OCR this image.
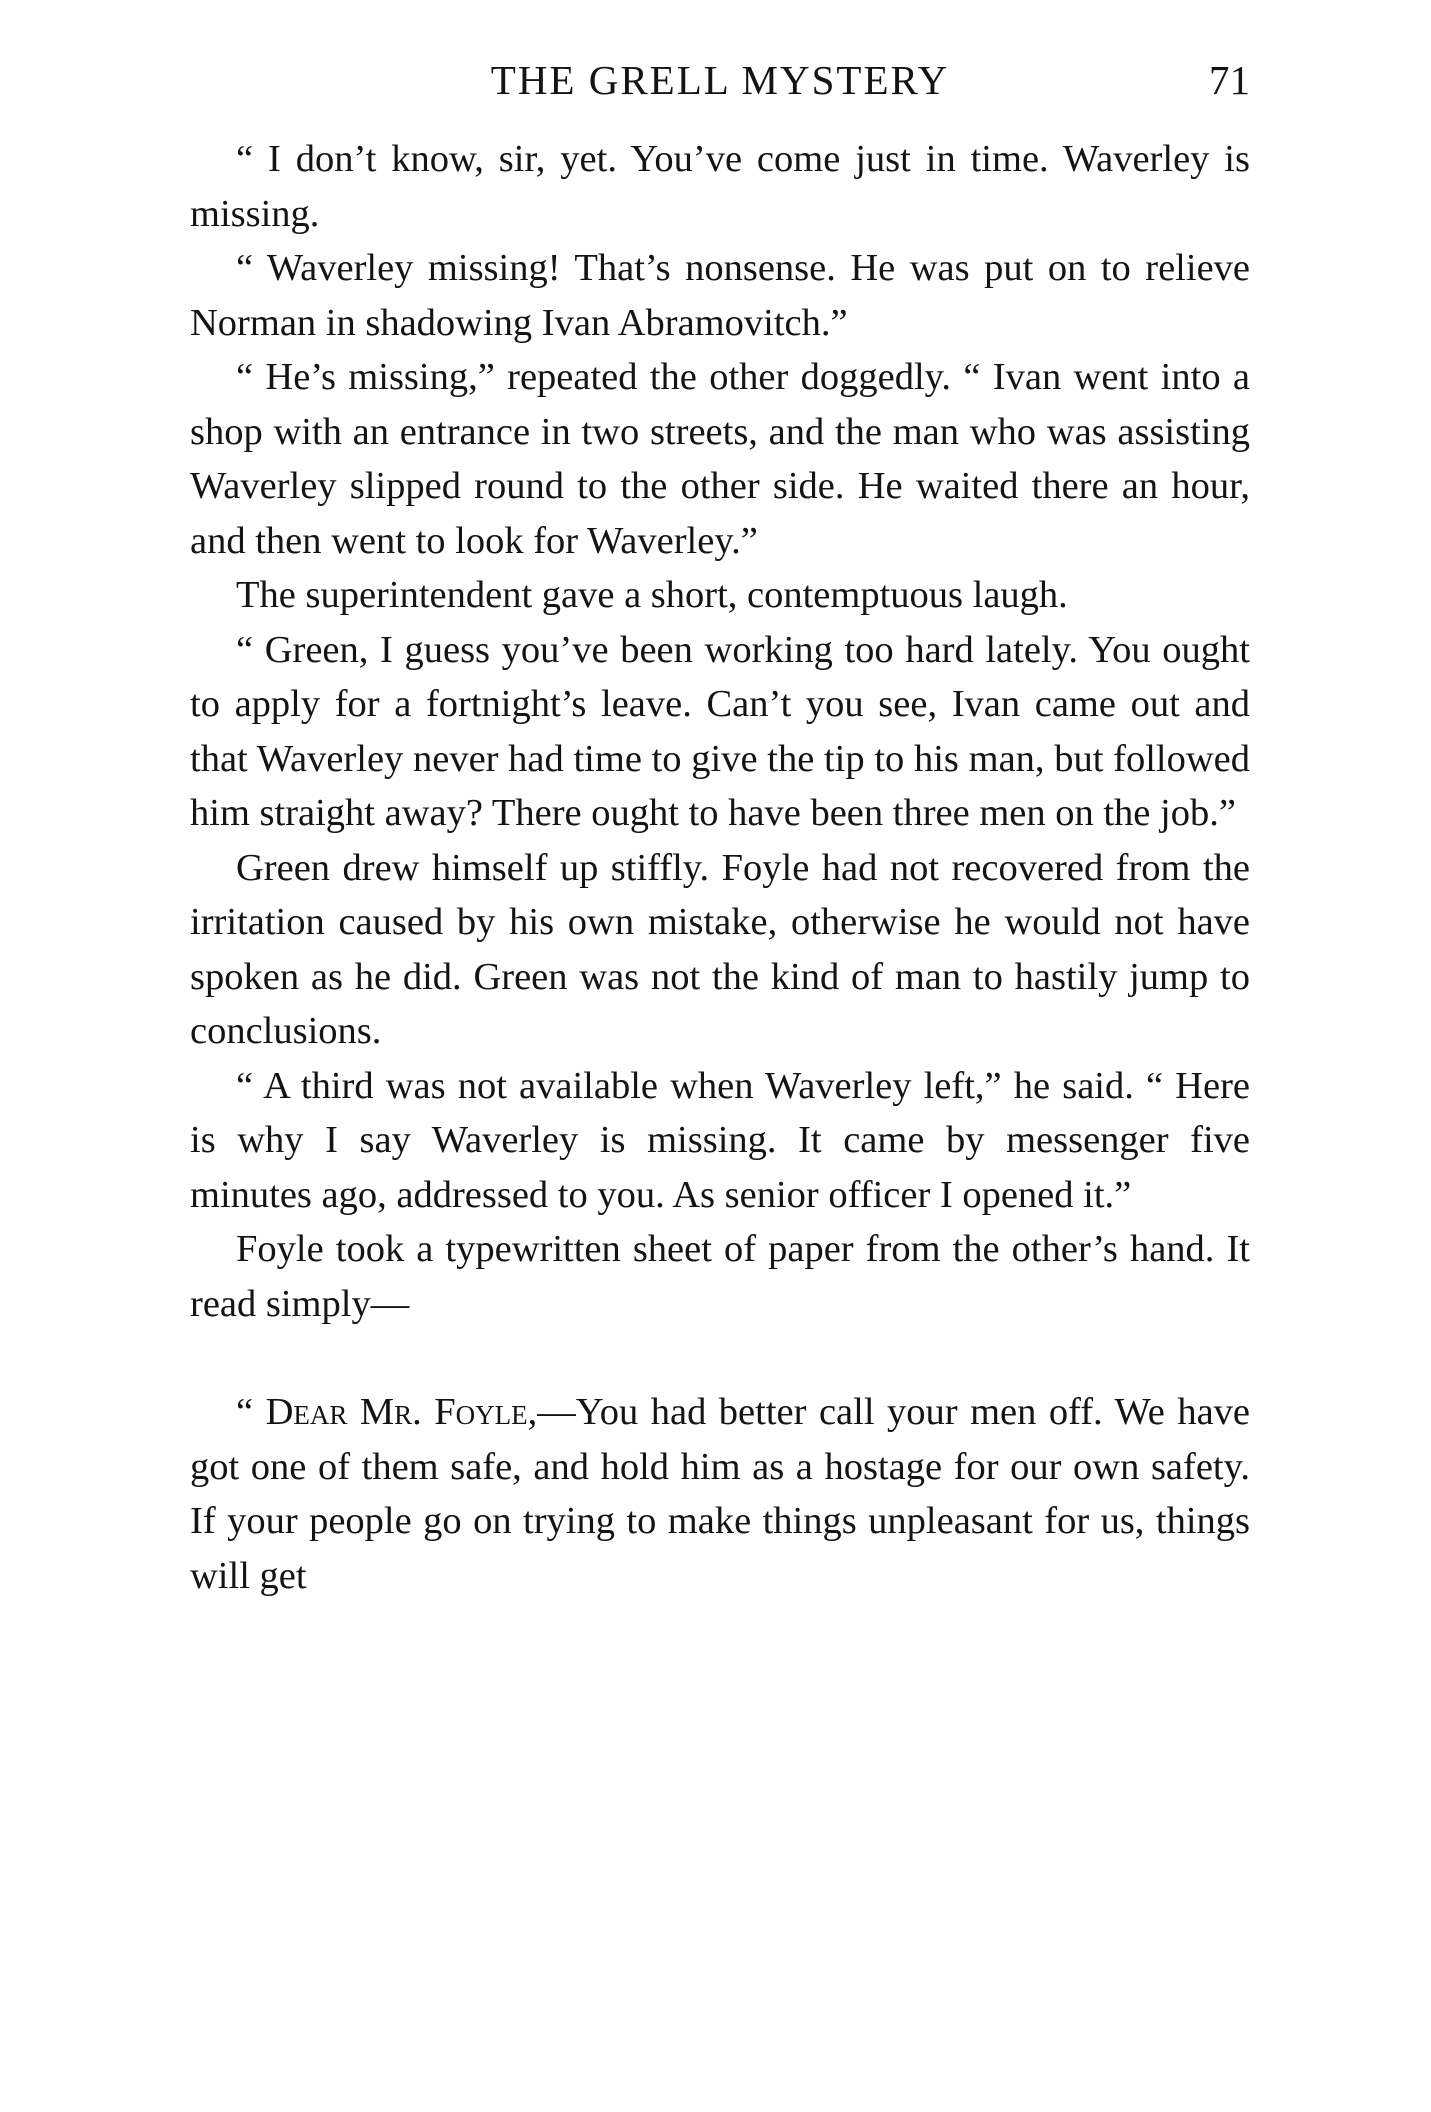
THE GRELL MYSTERY	71

“ I don’t know, sir, yet. You’ve come just in time. Waverley is missing.

“ Waverley missing! That’s nonsense. He was put on to relieve Norman in shadowing Ivan Abramovitch.”

“ He’s missing,” repeated the other doggedly. “ Ivan went into a shop with an entrance in two streets, and the man who was assisting Waverley slipped round to the other side. He waited there an hour, and then went to look for Waverley.”

The superintendent gave a short, contemptuous laugh.

“ Green, I guess you’ve been working too hard lately. You ought to apply for a fortnight’s leave. Can’t you see, Ivan came out and that Waverley never had time to give the tip to his man, but followed him straight away? There ought to have been three men on the job.”

Green drew himself up stiffly. Foyle had not recovered from the irritation caused by his own mistake, otherwise he would not have spoken as he did. Green was not the kind of man to hastily jump to conclusions.

“ A third was not available when Waverley left,” he said. “ Here is why I say Waverley is missing. It came by messenger five minutes ago, addressed to you. As senior officer I opened it.”

Foyle took a typewritten sheet of paper from the other’s hand. It read simply—

“ Dear Mr. Foyle,—You had better call your men off. We have got one of them safe, and hold him as a hostage for our own safety. If your people go on trying to make things unpleasant for us, things will get
